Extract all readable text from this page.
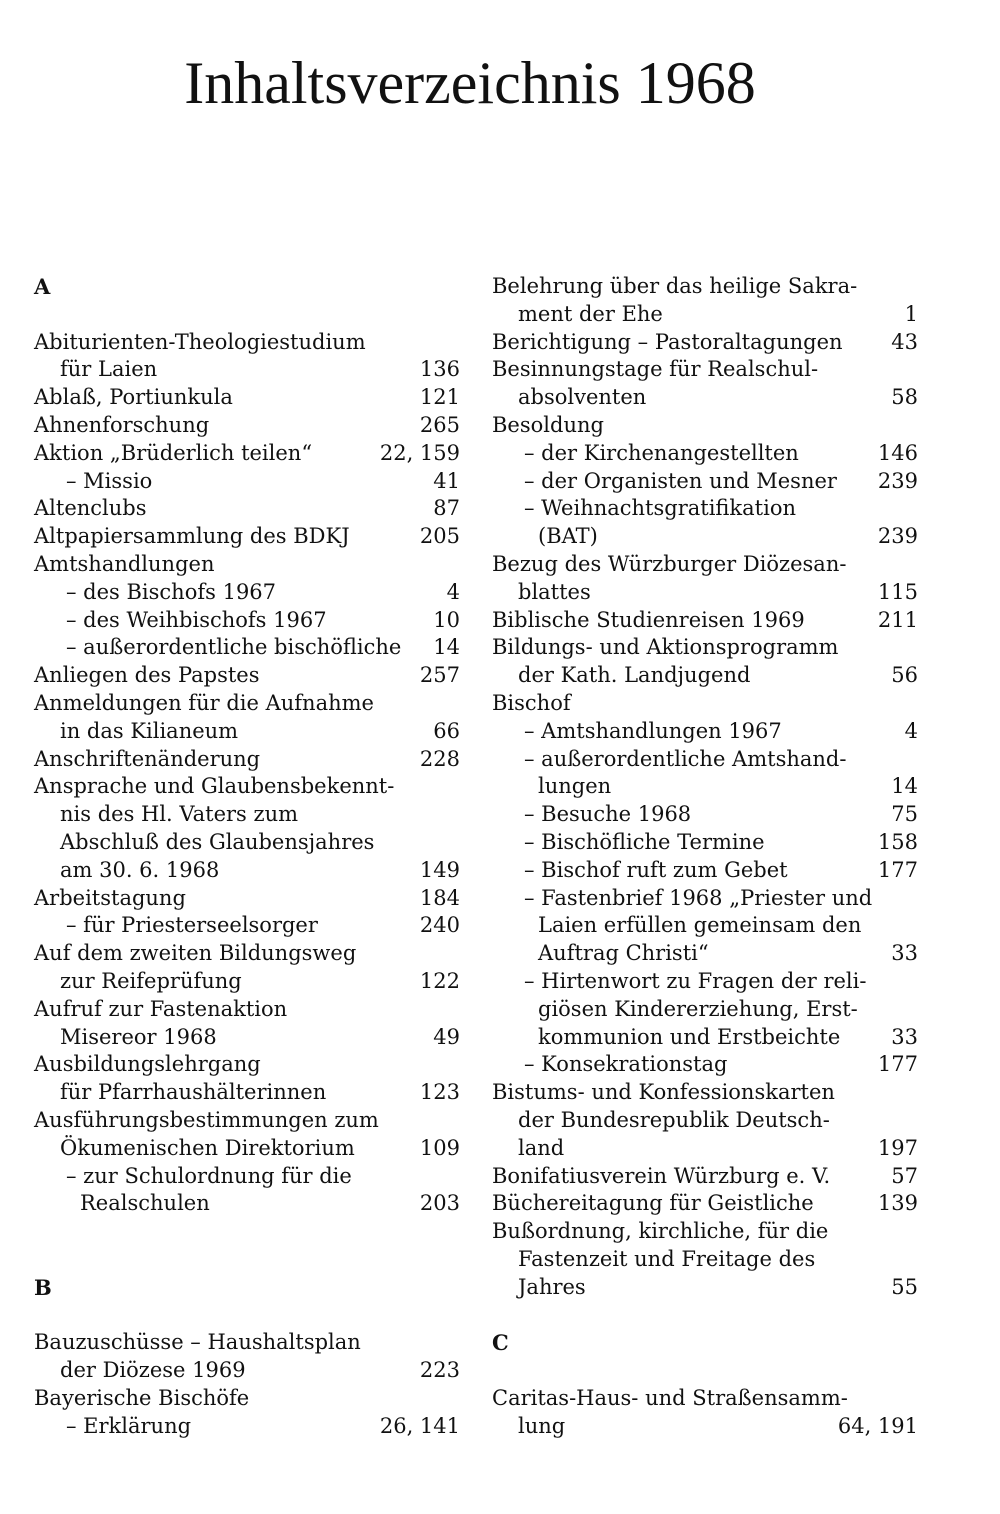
Inhaltsverzeichnis 1968
A
Abiturienten-Theologiestudium
für Laien	136
Ablaß, Portiunkula	121
Ahnenforschung	265
Aktion „Brüderlich teilen“	22, 159
– Missio	41
Altenclubs	87
Altpapiersammlung des BDKJ	205
Amtshandlungen
– des Bischofs 1967	4
– des Weihbischofs 1967	10
– außerordentliche bischöfliche 14
Anliegen des Papstes	257
Anmeldungen für die Aufnahme
in das Kilianeum	66
Anschriftenänderung	228
Ansprache und Glaubensbekennt-
nis des Hl. Vaters zum
Abschluß des Glaubensjahres
am 30. 6. 1968	149
Arbeitstagung	184
– für Priesterseelsorger	240
Auf dem zweiten Bildungsweg
zur Reifeprüfung	122
Aufruf zur Fastenaktion
Misereor 1968	49
Ausbildungslehrgang
für Pfarrhaushälterinnen	123
Ausführungsbestimmungen zum
Ökumenischen Direktorium	109
– zur Schulordnung für die
Realschulen	203
B
Bauzuschüsse – Haushaltsplan
der Diözese 1969	223
Bayerische Bischöfe
– Erklärung	26, 141
Belehrung über das heilige Sakra-
ment der Ehe	1
Berichtigung – Pastoraltagungen 43
Besinnungstage für Realschul-
absolventen	58
Besoldung
– der Kirchenangestellten	146
– der Organisten und Mesner 239
– Weihnachtsgratifikation
(BAT)	239
Bezug des Würzburger Diözesan-
blattes	115
Biblische Studienreisen 1969	211
Bildungs- und Aktionsprogramm
der Kath. Landjugend	56
Bischof
– Amtshandlungen 1967	4
– außerordentliche Amtshand-
lungen	14
– Besuche 1968	75
– Bischöfliche Termine	158
– Bischof ruft zum Gebet	177
– Fastenbrief 1968 „Priester und
Laien erfüllen gemeinsam den
Auftrag Christi“	33
– Hirtenwort zu Fragen der reli-
giösen Kindererziehung, Erst-
kommunion und Erstbeichte 33
– Konsekrationstag	177
Bistums- und Konfessionskarten
der Bundesrepublik Deutsch-
land	197
Bonifatiusverein Würzburg e. V.	57
Büchereitagung für Geistliche	139
Bußordnung, kirchliche, für die
Fastenzeit und Freitage des
Jahres	55
C
Caritas-Haus- und Straßensamm-
lung	64, 191
